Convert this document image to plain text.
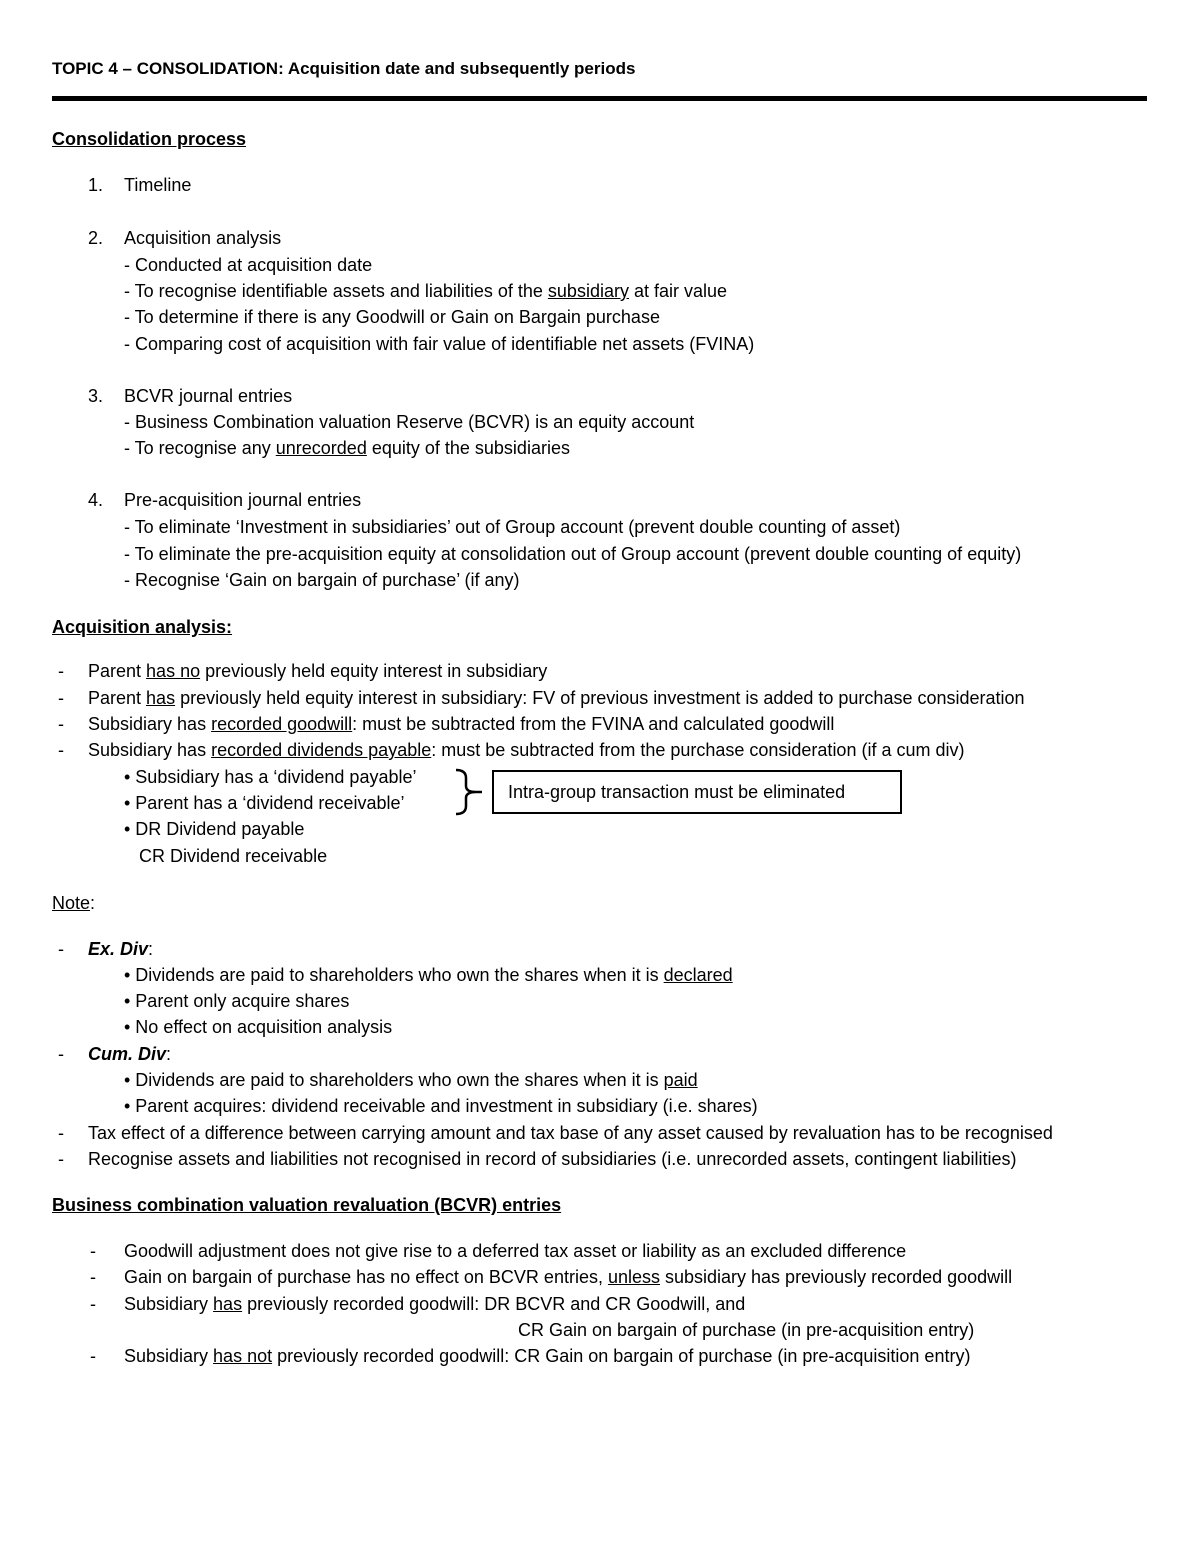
TOPIC 4 – CONSOLIDATION: Acquisition date and subsequently periods
Consolidation process
1. Timeline
2. Acquisition analysis
- Conducted at acquisition date
- To recognise identifiable assets and liabilities of the subsidiary at fair value
- To determine if there is any Goodwill or Gain on Bargain purchase
- Comparing cost of acquisition with fair value of identifiable net assets (FVINA)
3. BCVR journal entries
- Business Combination valuation Reserve (BCVR) is an equity account
- To recognise any unrecorded equity of the subsidiaries
4. Pre-acquisition journal entries
- To eliminate ‘Investment in subsidiaries’ out of Group account (prevent double counting of asset)
- To eliminate the pre-acquisition equity at consolidation out of Group account (prevent double counting of equity)
- Recognise ‘Gain on bargain of purchase’ (if any)
Acquisition analysis:
- Parent has no previously held equity interest in subsidiary
- Parent has previously held equity interest in subsidiary: FV of previous investment is added to purchase consideration
- Subsidiary has recorded goodwill: must be subtracted from the FVINA and calculated goodwill
- Subsidiary has recorded dividends payable: must be subtracted from the purchase consideration (if a cum div)
• Subsidiary has a ‘dividend payable’
• Parent has a ‘dividend receivable’
• DR Dividend payable
CR Dividend receivable
Intra-group transaction must be eliminated
Note:
- Ex. Div:
• Dividends are paid to shareholders who own the shares when it is declared
• Parent only acquire shares
• No effect on acquisition analysis
- Cum. Div:
• Dividends are paid to shareholders who own the shares when it is paid
• Parent acquires: dividend receivable and investment in subsidiary (i.e. shares)
- Tax effect of a difference between carrying amount and tax base of any asset caused by revaluation has to be recognised
- Recognise assets and liabilities not recognised in record of subsidiaries (i.e. unrecorded assets, contingent liabilities)
Business combination valuation revaluation (BCVR) entries
- Goodwill adjustment does not give rise to a deferred tax asset or liability as an excluded difference
- Gain on bargain of purchase has no effect on BCVR entries, unless subsidiary has previously recorded goodwill
- Subsidiary has previously recorded goodwill: DR BCVR and CR Goodwill, and
CR Gain on bargain of purchase (in pre-acquisition entry)
- Subsidiary has not previously recorded goodwill: CR Gain on bargain of purchase (in pre-acquisition entry)
